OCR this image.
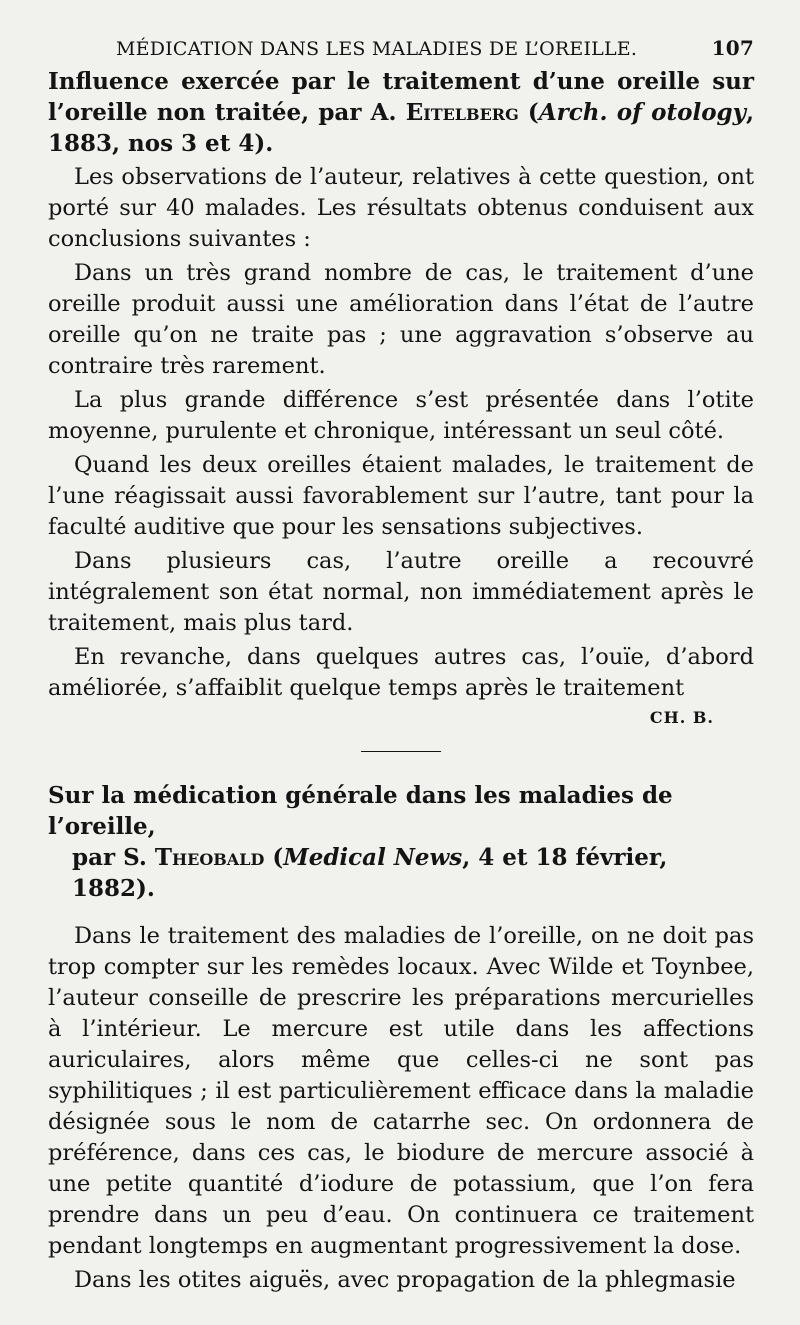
MÉDICATION DANS LES MALADIES DE L’OREILLE.	107
Influence exercée par le traitement d’une oreille sur l’oreille non traitée, par A. Eitelberg (Arch. of otology, 1883, nos 3 et 4).

Les observations de l’auteur, relatives à cette question, ont porté sur 40 malades. Les résultats obtenus conduisent aux conclusions suivantes :

Dans un très grand nombre de cas, le traitement d’une oreille produit aussi une amélioration dans l’état de l’autre oreille qu’on ne traite pas ; une aggravation s’observe au contraire très rarement.

La plus grande différence s’est présentée dans l’otite moyenne, purulente et chronique, intéressant un seul côté.

Quand les deux oreilles étaient malades, le traitement de l’une réagissait aussi favorablement sur l’autre, tant pour la faculté auditive que pour les sensations subjectives.

Dans plusieurs cas, l’autre oreille a recouvré intégralement son état normal, non immédiatement après le traitement, mais plus tard.

En revanche, dans quelques autres cas, l’ouïe, d’abord améliorée, s’affaiblit quelque temps après le traitement

CH. B.
Sur la médication générale dans les maladies de l’oreille,
par S. Theobald (Medical News, 4 et 18 février, 1882).

Dans le traitement des maladies de l’oreille, on ne doit pas trop compter sur les remèdes locaux. Avec Wilde et Toynbee, l’auteur conseille de prescrire les préparations mercurielles à l’intérieur. Le mercure est utile dans les affections auriculaires, alors même que celles-ci ne sont pas syphilitiques ; il est particulièrement efficace dans la maladie désignée sous le nom de catarrhe sec. On ordonnera de préférence, dans ces cas, le biodure de mercure associé à une petite quantité d’iodure de potassium, que l’on fera prendre dans un peu d’eau. On continuera ce traitement pendant longtemps en augmentant progressivement la dose.

Dans les otites aiguës, avec propagation de la phlegmasie
